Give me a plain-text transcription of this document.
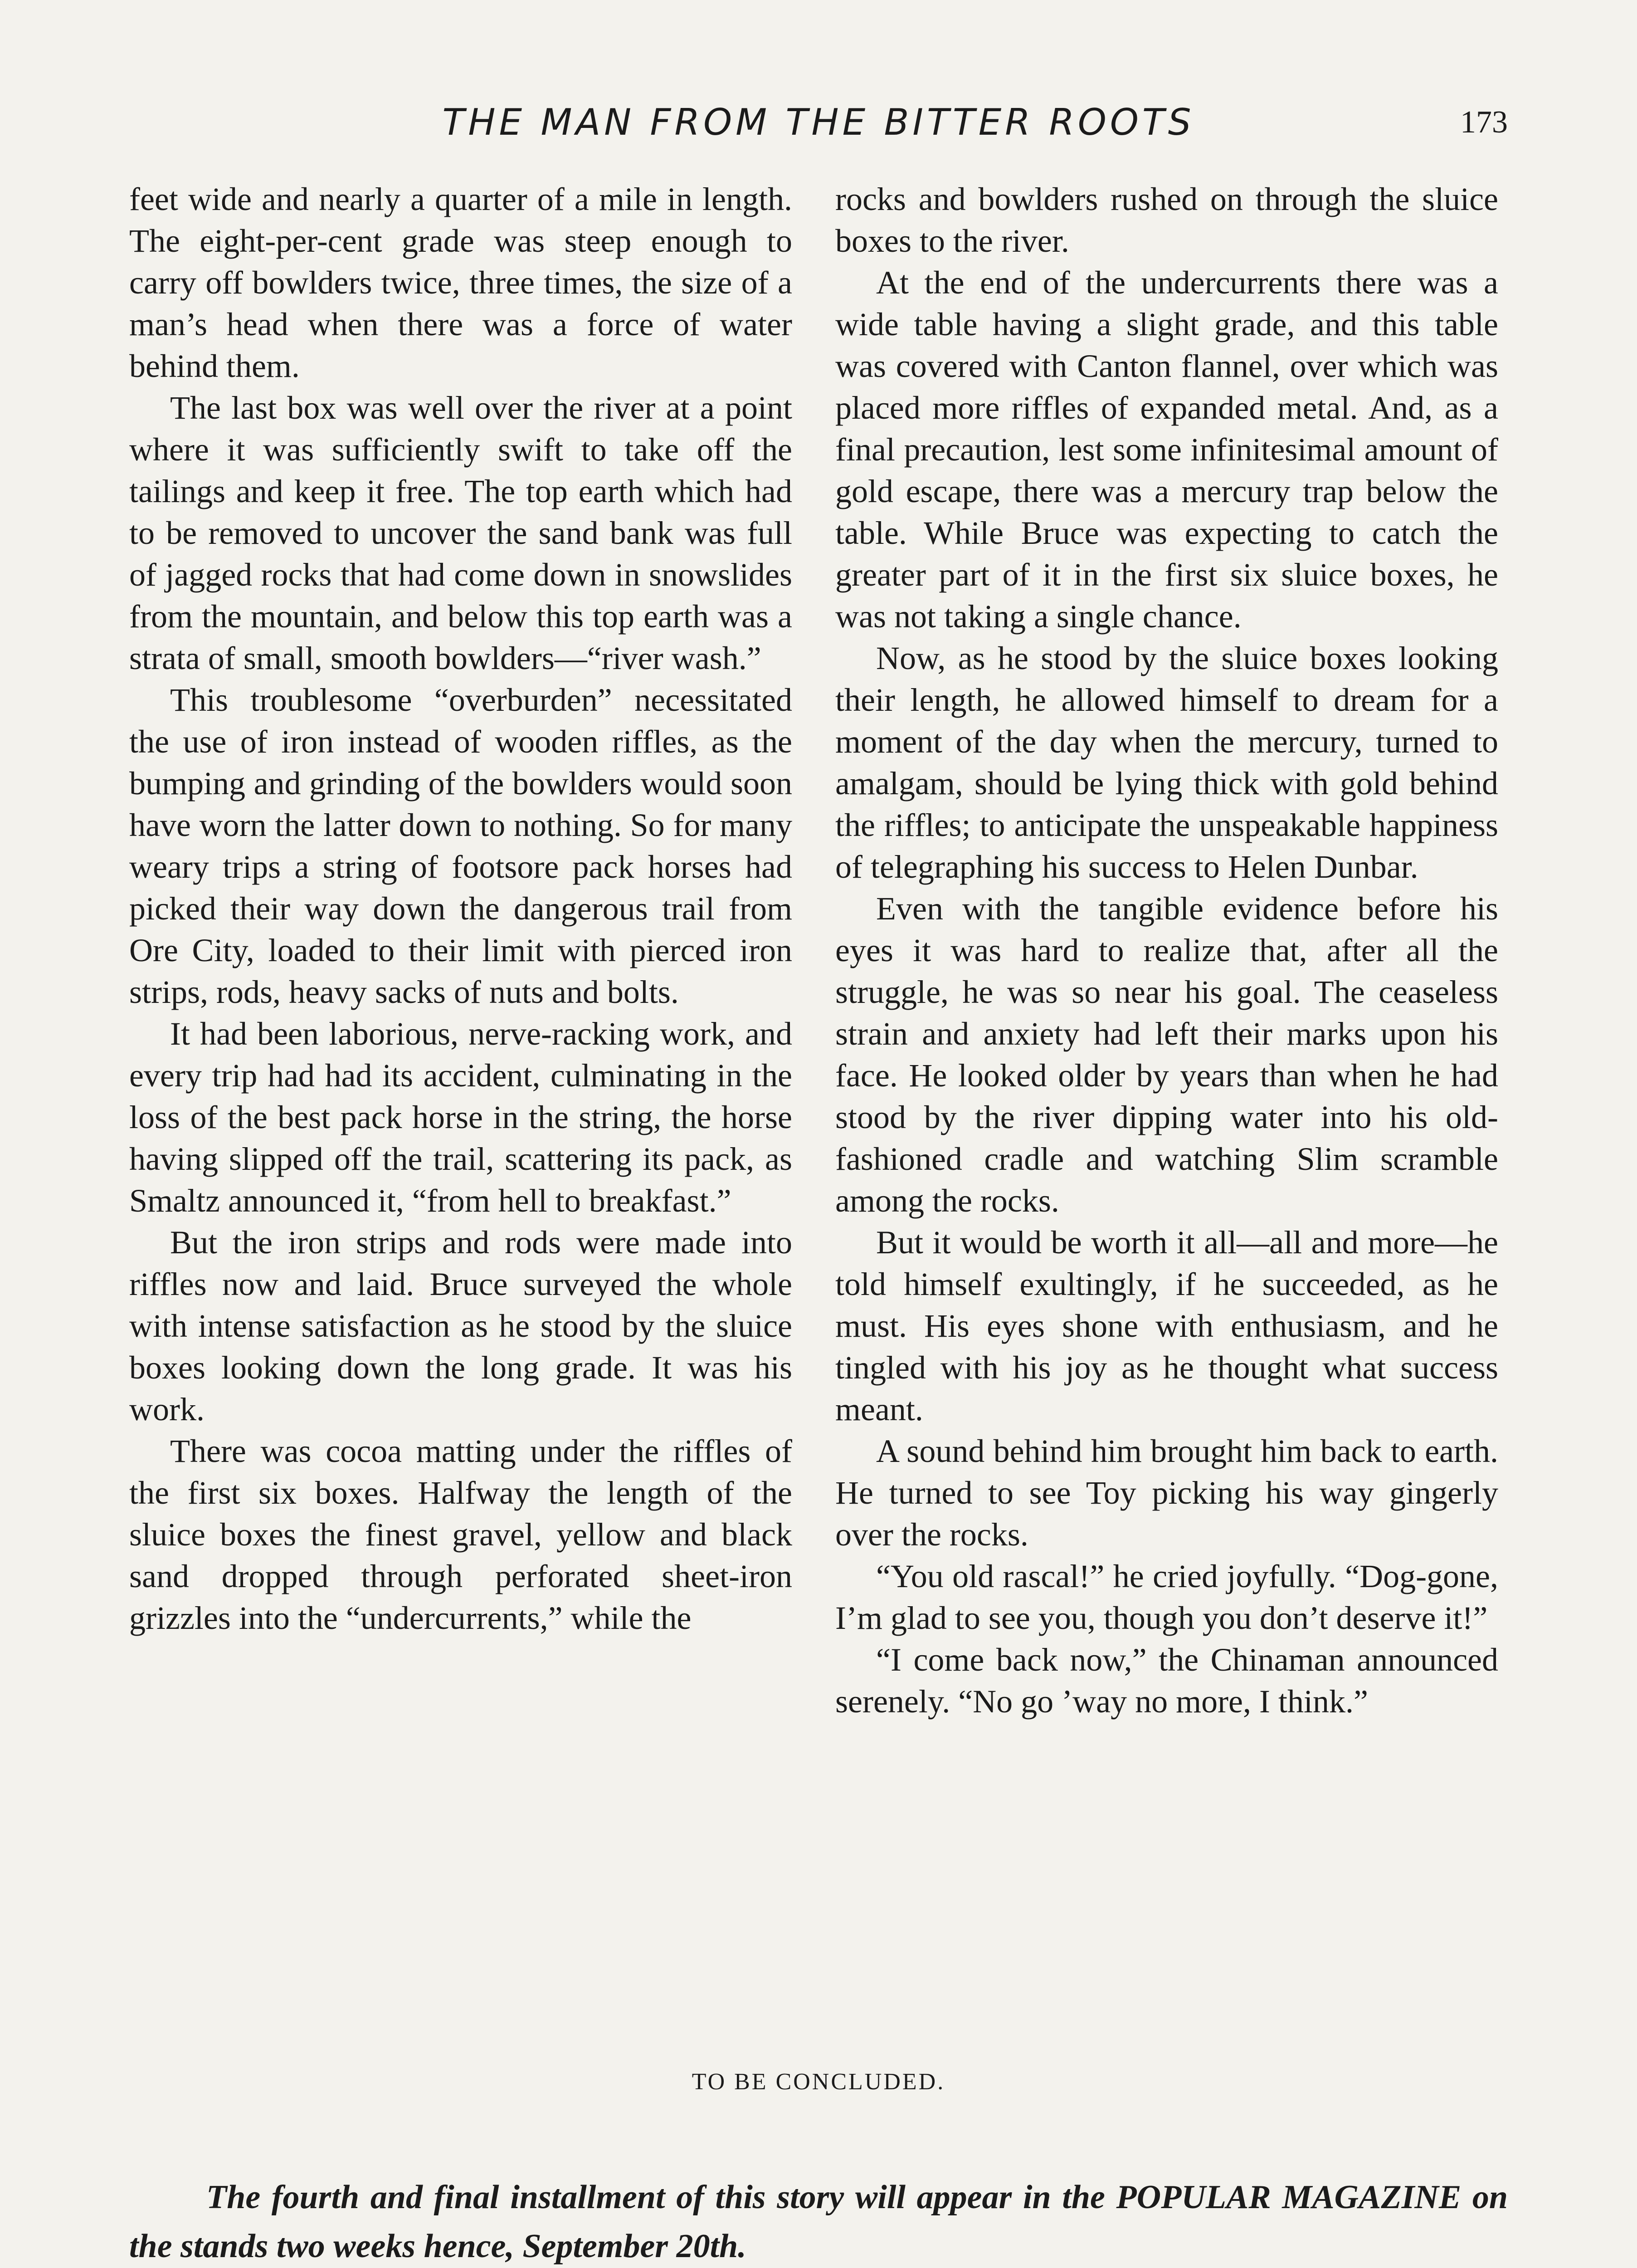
THE MAN FROM THE BITTER ROOTS	173

feet wide and nearly a quarter of a mile in length. The eight-per-cent grade was steep enough to carry off bowlders twice, three times, the size of a man’s head when there was a force of water behind them.

The last box was well over the river at a point where it was sufficiently swift to take off the tailings and keep it free. The top earth which had to be removed to uncover the sand bank was full of jagged rocks that had come down in snowslides from the mountain, and below this top earth was a strata of small, smooth bowlders—“river wash.”

This troublesome “overburden” necessitated the use of iron instead of wooden riffles, as the bumping and grinding of the bowlders would soon have worn the latter down to nothing. So for many weary trips a string of footsore pack horses had picked their way down the dangerous trail from Ore City, loaded to their limit with pierced iron strips, rods, heavy sacks of nuts and bolts.

It had been laborious, nerve-racking work, and every trip had had its accident, culminating in the loss of the best pack horse in the string, the horse having slipped off the trail, scattering its pack, as Smaltz announced it, “from hell to breakfast.”

But the iron strips and rods were made into riffles now and laid. Bruce surveyed the whole with intense satisfaction as he stood by the sluice boxes looking down the long grade. It was his work.

There was cocoa matting under the riffles of the first six boxes. Halfway the length of the sluice boxes the finest gravel, yellow and black sand dropped through perforated sheet-iron grizzles into the “undercurrents,” while the

rocks and bowlders rushed on through the sluice boxes to the river.

At the end of the undercurrents there was a wide table having a slight grade, and this table was covered with Canton flannel, over which was placed more riffles of expanded metal. And, as a final precaution, lest some infinitesimal amount of gold escape, there was a mercury trap below the table. While Bruce was expecting to catch the greater part of it in the first six sluice boxes, he was not taking a single chance.

Now, as he stood by the sluice boxes looking their length, he allowed himself to dream for a moment of the day when the mercury, turned to amalgam, should be lying thick with gold behind the riffles; to anticipate the unspeakable happiness of telegraphing his success to Helen Dunbar.

Even with the tangible evidence before his eyes it was hard to realize that, after all the struggle, he was so near his goal. The ceaseless strain and anxiety had left their marks upon his face. He looked older by years than when he had stood by the river dipping water into his old-fashioned cradle and watching Slim scramble among the rocks.

But it would be worth it all—all and more—he told himself exultingly, if he succeeded, as he must. His eyes shone with enthusiasm, and he tingled with his joy as he thought what success meant.

A sound behind him brought him back to earth. He turned to see Toy picking his way gingerly over the rocks.

“You old rascal!” he cried joyfully. “Dog-gone, I’m glad to see you, though you don’t deserve it!”

“I come back now,” the Chinaman announced serenely. “No go ’way no more, I think.”

TO BE CONCLUDED.
The fourth and final installment of this story will appear in the POPULAR MAGAZINE on the stands two weeks hence, September 20th.
